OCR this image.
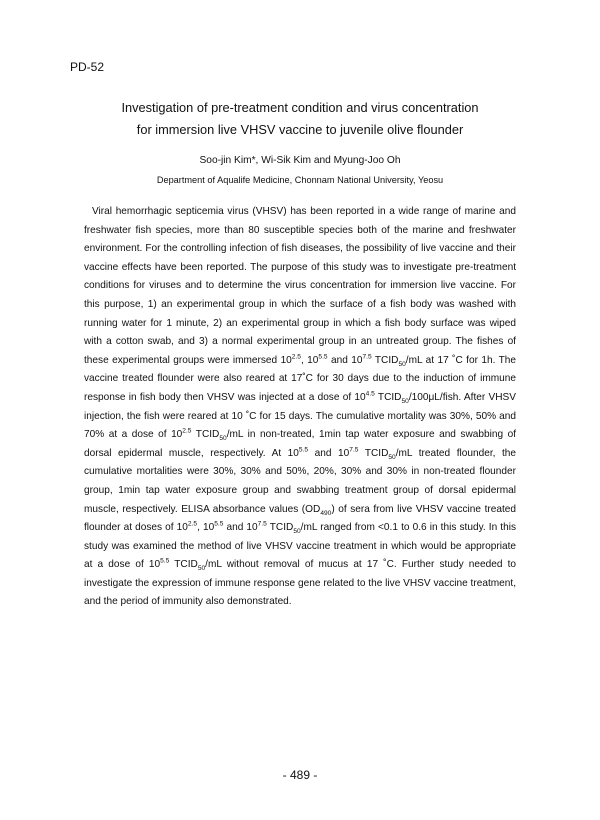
PD-52
Investigation of pre-treatment condition and virus concentration
for immersion live VHSV vaccine to juvenile olive flounder
Soo-jin Kim*, Wi-Sik Kim and Myung-Joo Oh
Department of Aqualife Medicine, Chonnam National University, Yeosu

Viral hemorrhagic septicemia virus (VHSV) has been reported in a wide range of marine and freshwater fish species, more than 80 susceptible species both of the marine and freshwater environment. For the controlling infection of fish diseases, the possibility of live vaccine and their vaccine effects have been reported. The purpose of this study was to investigate pre-treatment conditions for viruses and to determine the virus concentration for immersion live vaccine. For this purpose, 1) an experimental group in which the surface of a fish body was washed with running water for 1 minute, 2) an experimental group in which a fish body surface was wiped with a cotton swab, and 3) a normal experimental group in an untreated group. The fishes of these experimental groups were immersed $10^{2.5}$, $10^{5.5}$ and $10^{7.5}$ $TCID_{50}/mL$ at 17 ˚C for 1h. The vaccine treated flounder were also reared at 17˚C for 30 days due to the induction of immune response in fish body then VHSV was injected at a dose of $10^{4.5}$ $TCID_{50}/100\mu L$/fish. After VHSV injection, the fish were reared at 10 ˚C for 15 days. The cumulative mortality was 30%, 50% and 70% at a dose of $10^{2.5}$ $TCID_{50}/mL$ in non-treated, 1min tap water exposure and swabbing of dorsal epidermal muscle, respectively. At $10^{5.5}$ and $10^{7.5}$ $TCID_{50}/mL$ treated flounder, the cumulative mortalities were 30%, 30% and 50%, 20%, 30% and 30% in non-treated flounder group, 1min tap water exposure group and swabbing treatment group of dorsal epidermal muscle, respectively. ELISA absorbance values $(OD_{490})$ of sera from live VHSV vaccine treated flounder at doses of $10^{2.5}$, $10^{5.5}$ and $10^{7.5}$ $TCID_{50}/mL$ ranged from <0.1 to 0.6 in this study. In this study was examined the method of live VHSV vaccine treatment in which would be appropriate at a dose of $10^{5.5}$ $TCID_{50}/mL$ without removal of mucus at 17 ˚C. Further study needed to investigate the expression of immune response gene related to the live VHSV vaccine treatment, and the period of immunity also demonstrated.

- 489 -
